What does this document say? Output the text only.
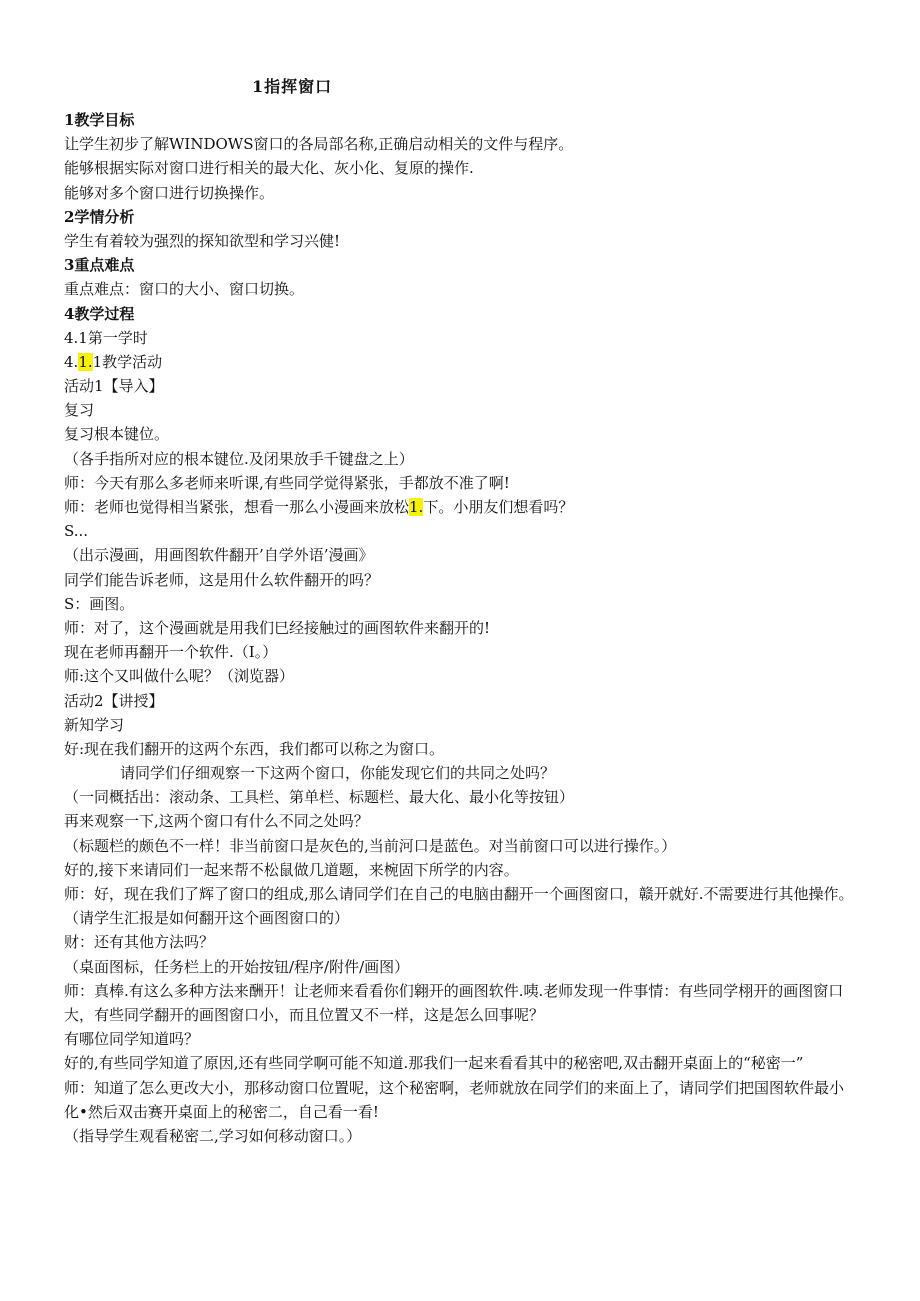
1指挥窗口
1教学目标
让学生初步了解WINDOWS窗口的各局部名称,正确启动相关的文件与程序。
能够根据实际对窗口进行相关的最大化、灰小化、复原的操作.
能够对多个窗口进行切换操作。
2学情分析
学生有着较为强烈的探知欲型和学习兴健!
3重点难点
重点难点：窗口的大小、窗口切换。
4教学过程
4.1第一学时
4.1.1教学活动
活动1【导入】
复习
复习根本键位。
（各手指所对应的根本键位.及闭果放手千键盘之上）
师：今天有那么多老师来听课,有些同学觉得紧张，手都放不准了啊!
师：老师也觉得相当紧张，想看一那么小漫画来放松1.下。小朋友们想看吗？
S...
（出示漫画，用画图软件翻开’自学外语’漫画》
同学们能告诉老师，这是用什么软件翻开的吗？
S：画图。
师：对了，这个漫画就是用我们巳经接触过的画图软件来翻开的!
现在老师再翻开一个软件.（I。）
师:这个又叫做什么呢？（浏览器）
活动2【讲授】
新知学习
好:现在我们翻开的这两个东西，我们都可以称之为窗口。
请同学们仔细观察一下这两个窗口，你能发现它们的共同之处吗？
（一同概括出：滚动条、工具栏、第单栏、标题栏、最大化、最小化等按钮）
再来观察一下,这两个窗口有什么不同之处吗？
（标题栏的颇色不一样！非当前窗口是灰色的,当前河口是蓝色。对当前窗口可以进行操作。）
好的,接下来请同们一起来帮不松鼠做几道题，来椀固下所学的内容。
师：好，现在我们了辉了窗口的组成,那么请同学们在自己的电脑由翻开一个画图窗口，赣开就好.不需要进行其他操作。
（请学生汇报是如何翻开这个画图窗口的）
财：还有其他方法吗？
（桌面图标，任务栏上的开始按钮/程序/附件/画图）
师：真棒.有这么多种方法来酬开！让老师来看看你们翱开的画图软件.咦.老师发现一件事情：有些同学栩开的画图窗口大，有些同学翻开的画图窗口小，而且位置又不一样，这是怎么回事呢？
有哪位同学知道吗？
好的,有些同学知道了原因,还有些同学啊可能不知道.那我们一起来看看其中的秘密吧,双击翻开桌面上的“秘密一”
师：知道了怎么更改大小，那移动窗口位置呢，这个秘密啊，老师就放在同学们的来面上了，请同学们把国图软件最小化•然后双击赛开桌面上的秘密二，自己看一看!
（指导学生观看秘密二,学习如何移动窗口。）
